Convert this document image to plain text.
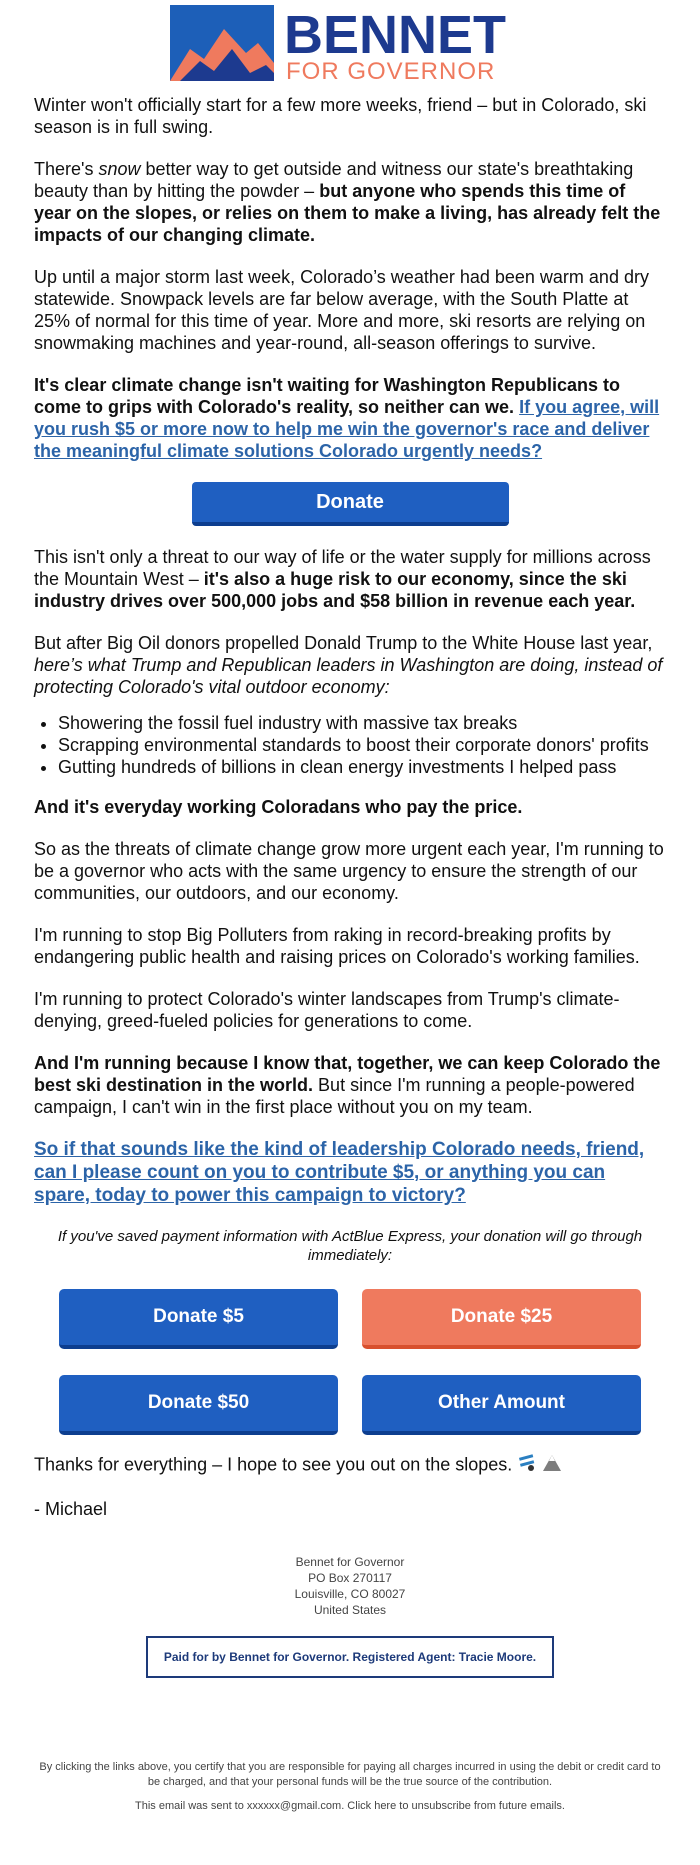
BENNET
FOR GOVERNOR

Winter won't officially start for a few more weeks, friend – but in Colorado, ski season is in full swing.

There's snow better way to get outside and witness our state's breathtaking beauty than by hitting the powder – but anyone who spends this time of year on the slopes, or relies on them to make a living, has already felt the impacts of our changing climate.

Up until a major storm last week, Colorado’s weather had been warm and dry statewide. Snowpack levels are far below average, with the South Platte at 25% of normal for this time of year. More and more, ski resorts are relying on snowmaking machines and year-round, all-season offerings to survive.

It's clear climate change isn't waiting for Washington Republicans to come to grips with Colorado's reality, so neither can we. If you agree, will you rush $5 or more now to help me win the governor's race and deliver the meaningful climate solutions Colorado urgently needs?

Donate

This isn't only a threat to our way of life or the water supply for millions across the Mountain West – it's also a huge risk to our economy, since the ski industry drives over 500,000 jobs and $58 billion in revenue each year.

But after Big Oil donors propelled Donald Trump to the White House last year, here’s what Trump and Republican leaders in Washington are doing, instead of protecting Colorado's vital outdoor economy:

• Showering the fossil fuel industry with massive tax breaks
• Scrapping environmental standards to boost their corporate donors' profits
• Gutting hundreds of billions in clean energy investments I helped pass

And it's everyday working Coloradans who pay the price.

So as the threats of climate change grow more urgent each year, I'm running to be a governor who acts with the same urgency to ensure the strength of our communities, our outdoors, and our economy.

I'm running to stop Big Polluters from raking in record-breaking profits by endangering public health and raising prices on Colorado's working families.

I'm running to protect Colorado's winter landscapes from Trump's climate-denying, greed-fueled policies for generations to come.

And I'm running because I know that, together, we can keep Colorado the best ski destination in the world. But since I'm running a people-powered campaign, I can't win in the first place without you on my team.

So if that sounds like the kind of leadership Colorado needs, friend, can I please count on you to contribute $5, or anything you can spare, today to power this campaign to victory?

If you've saved payment information with ActBlue Express, your donation will go through immediately:

Donate $5	Donate $25
Donate $50	Other Amount

Thanks for everything – I hope to see you out on the slopes.

- Michael

Bennet for Governor
PO Box 270117
Louisville, CO 80027
United States
Paid for by Bennet for Governor. Registered Agent: Tracie Moore.
By clicking the links above, you certify that you are responsible for paying all charges incurred in using the debit or credit card to be charged, and that your personal funds will be the true source of the contribution.
This email was sent to xxxxxx@gmail.com. Click here to unsubscribe from future emails.
